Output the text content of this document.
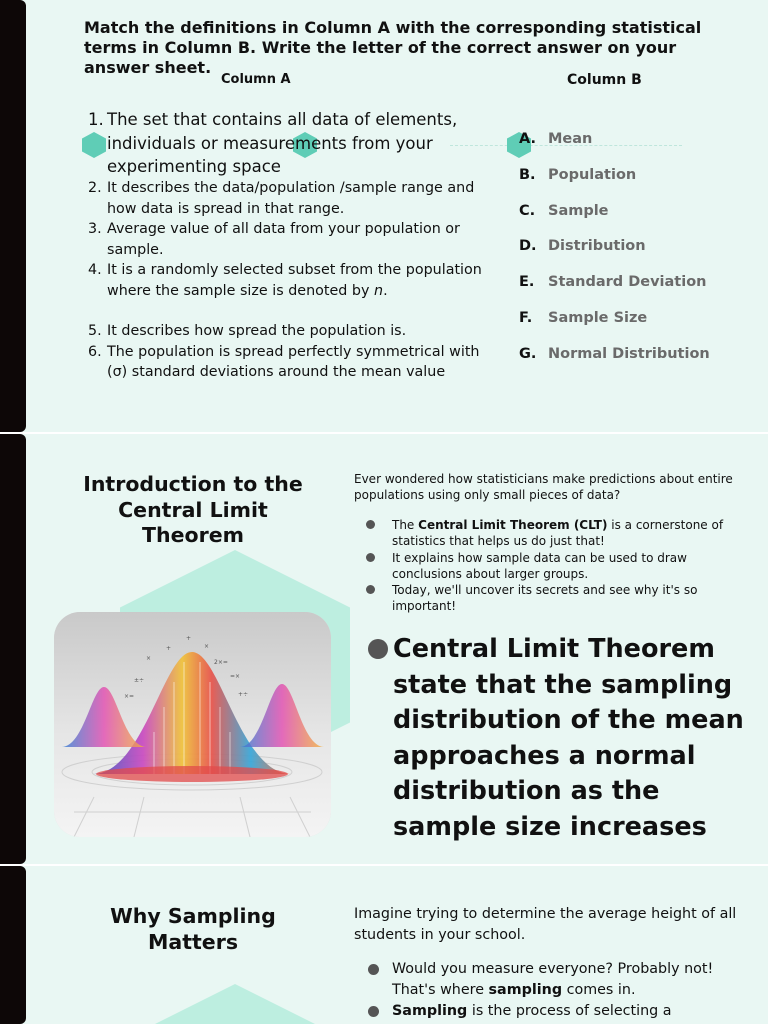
Match the definitions in Column A with the corresponding statistical terms in Column B. Write the letter of the correct answer on your answer sheet.

Column A	Column B
1. The set that contains all data of elements, individuals or measurements from your experimenting space
2. It describes the data/population /sample range and how data is spread in that range.
3. Average value of all data from your population or sample.
4. It is a randomly selected subset from the population where the sample size is denoted by n.
5. It describes how spread the population is.
6. The population is spread perfectly symmetrical with (σ) standard deviations around the mean value
A. Mean
B. Population
C. Sample
D. Distribution
E. Standard Deviation
F.	Sample Size
G. Normal Distribution
Introduction to the Central Limit Theorem
×
+	×
2×=
±÷
=×
×=	+÷
+

Ever wondered how statisticians make predictions about entire populations using only small pieces of data?

The Central Limit Theorem (CLT) is a cornerstone of statistics that helps us do just that!
It explains how sample data can be used to draw conclusions about larger groups.
Today, we'll uncover its secrets and see why it's so important!
Central Limit Theorem state that the sampling distribution of the mean approaches a normal distribution as the sample size increases
Why Sampling Matters

Imagine trying to determine the average height of all students in your school.

Would you measure everyone? Probably not! That's where sampling comes in.
Sampling is the process of selecting a
